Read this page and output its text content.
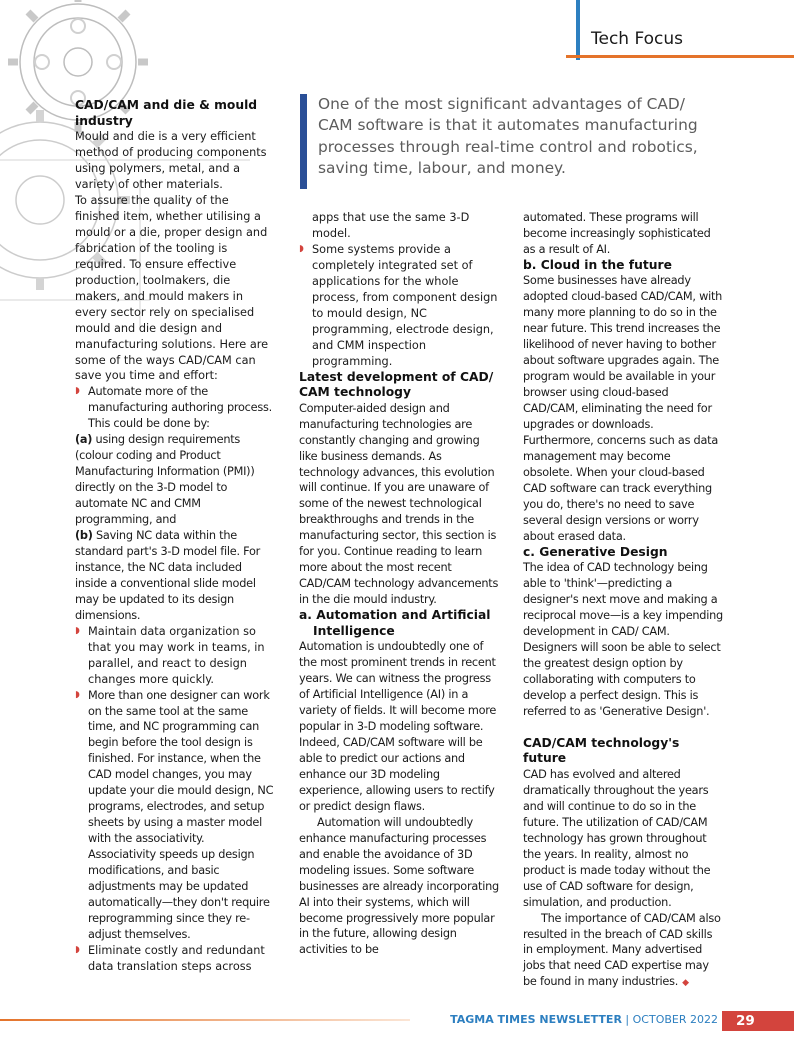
Tech Focus

One of the most significant advantages of CAD/ CAM software is that it automates manufacturing processes through real-time control and robotics, saving time, labour, and money.

CAD/CAM and die & mould industry

Mould and die is a very efficient method of producing components using polymers, metal, and a variety of other materials.

To assure the quality of the finished item, whether utilising a mould or a die, proper design and fabrication of the tooling is required. To ensure effective production, toolmakers, die makers, and mould makers in every sector rely on specialised mould and die design and manufacturing solutions. Here are some of the ways CAD/CAM can save you time and effort:

◗ Automate more of the manufacturing authoring process. This could be done by:

(a) using design requirements (colour coding and Product Manufacturing Information (PMI)) directly on the 3-D model to automate NC and CMM programming, and

(b) Saving NC data within the standard part's 3-D model file. For instance, the NC data included inside a conventional slide model may be updated to its design dimensions.

◗ Maintain data organization so that you may work in teams, in parallel, and react to design changes more quickly.

◗ More than one designer can work on the same tool at the same time, and NC programming can begin before the tool design is finished. For instance, when the CAD model changes, you may update your die mould design, NC programs, electrodes, and setup sheets by using a master model with the associativity. Associativity speeds up design modifications, and basic adjustments may be updated automatically—they don't require reprogramming since they re-adjust themselves.

◗ Eliminate costly and redundant data translation steps across

apps that use the same 3-D model.

◗ Some systems provide a completely integrated set of applications for the whole process, from component design to mould design, NC programming, electrode design, and CMM inspection programming.

Latest development of CAD/ CAM technology

Computer-aided design and manufacturing technologies are constantly changing and growing like business demands. As technology advances, this evolution will continue. If you are unaware of some of the newest technological breakthroughs and trends in the manufacturing sector, this section is for you. Continue reading to learn more about the most recent CAD/CAM technology advancements in the die mould industry.

a. Automation and Artificial Intelligence

Automation is undoubtedly one of the most prominent trends in recent years. We can witness the progress of Artificial Intelligence (AI) in a variety of fields. It will become more popular in 3-D modeling software. Indeed, CAD/CAM software will be able to predict our actions and enhance our 3D modeling experience, allowing users to rectify or predict design flaws.

Automation will undoubtedly enhance manufacturing processes and enable the avoidance of 3D modeling issues. Some software businesses are already incorporating AI into their systems, which will become progressively more popular in the future, allowing design activities to be

automated. These programs will become increasingly sophisticated as a result of AI.

b. Cloud in the future

Some businesses have already adopted cloud-based CAD/CAM, with many more planning to do so in the near future. This trend increases the likelihood of never having to bother about software upgrades again. The program would be available in your browser using cloud-based CAD/CAM, eliminating the need for upgrades or downloads. Furthermore, concerns such as data management may become obsolete. When your cloud-based CAD software can track everything you do, there's no need to save several design versions or worry about erased data.

c. Generative Design

The idea of CAD technology being able to 'think'—predicting a designer's next move and making a reciprocal move—is a key impending development in CAD/ CAM. Designers will soon be able to select the greatest design option by collaborating with computers to develop a perfect design. This is referred to as 'Generative Design'.

CAD/CAM technology's future

CAD has evolved and altered dramatically throughout the years and will continue to do so in the future. The utilization of CAD/CAM technology has grown throughout the years. In reality, almost no product is made today without the use of CAD software for design, simulation, and production.

The importance of CAD/CAM also resulted in the breach of CAD skills in employment. Many advertised jobs that need CAD expertise may be found in many industries. ◆

TAGMA TIMES NEWSLETTER | OCTOBER 2022	29
